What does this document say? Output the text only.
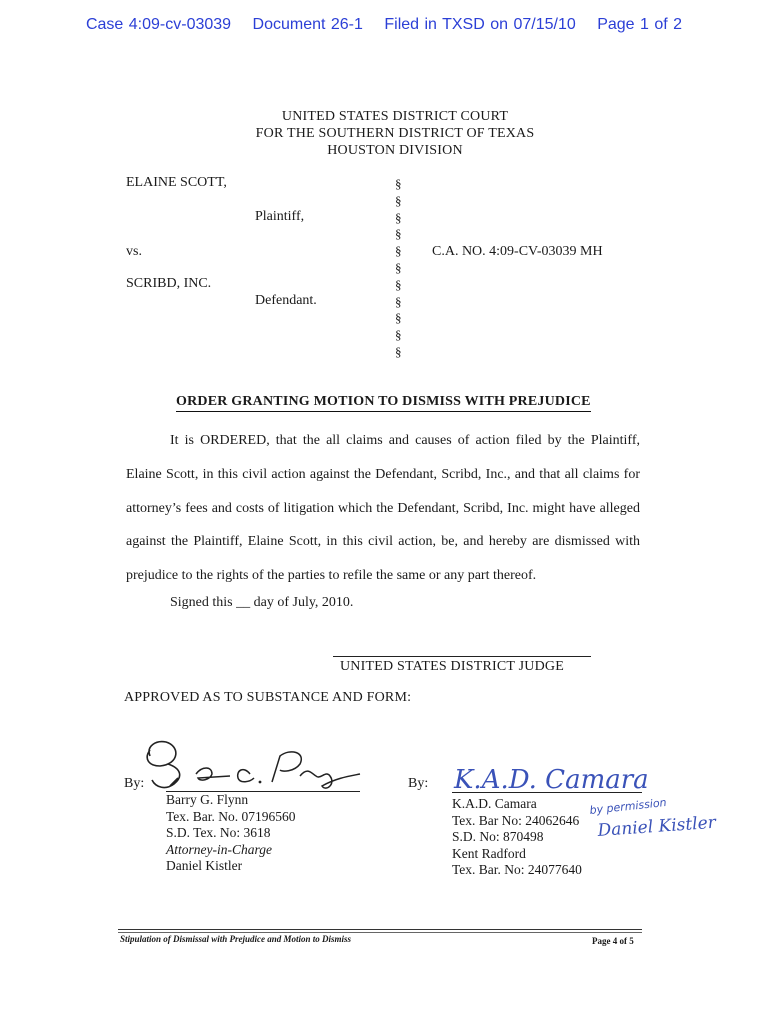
Case 4:09-cv-03039 Document 26-1 Filed in TXSD on 07/15/10 Page 1 of 2
UNITED STATES DISTRICT COURT
FOR THE SOUTHERN DISTRICT OF TEXAS
HOUSTON DIVISION
ELAINE SCOTT,
Plaintiff,
vs.	C.A. NO. 4:09-CV-03039 MH
SCRIBD, INC.
Defendant.
§
§
§
§
§
§
§
§
§
§
§
ORDER GRANTING MOTION TO DISMISS WITH PREJUDICE

It is ORDERED, that the all claims and causes of action filed by the Plaintiff, Elaine Scott, in this civil action against the Defendant, Scribd, Inc., and that all claims for attorney’s fees and costs of litigation which the Defendant, Scribd, Inc. might have alleged against the Plaintiff, Elaine Scott, in this civil action, be, and hereby are dismissed with prejudice to the rights of the parties to refile the same or any part thereof.

Signed this __ day of July, 2010.
UNITED STATES DISTRICT JUDGE
APPROVED AS TO SUBSTANCE AND FORM:
By:
Barry G. Flynn
Tex. Bar. No. 07196560
S.D. Tex. No: 3618
Attorney-in-Charge
Daniel Kistler
By: K.A.D. Camara
by permission
Daniel Kistler
K.A.D. Camara
Tex. Bar No: 24062646
S.D. No: 870498
Kent Radford
Tex. Bar. No: 24077640
Stipulation of Dismissal with Prejudice and Motion to Dismiss	Page 4 of 5
